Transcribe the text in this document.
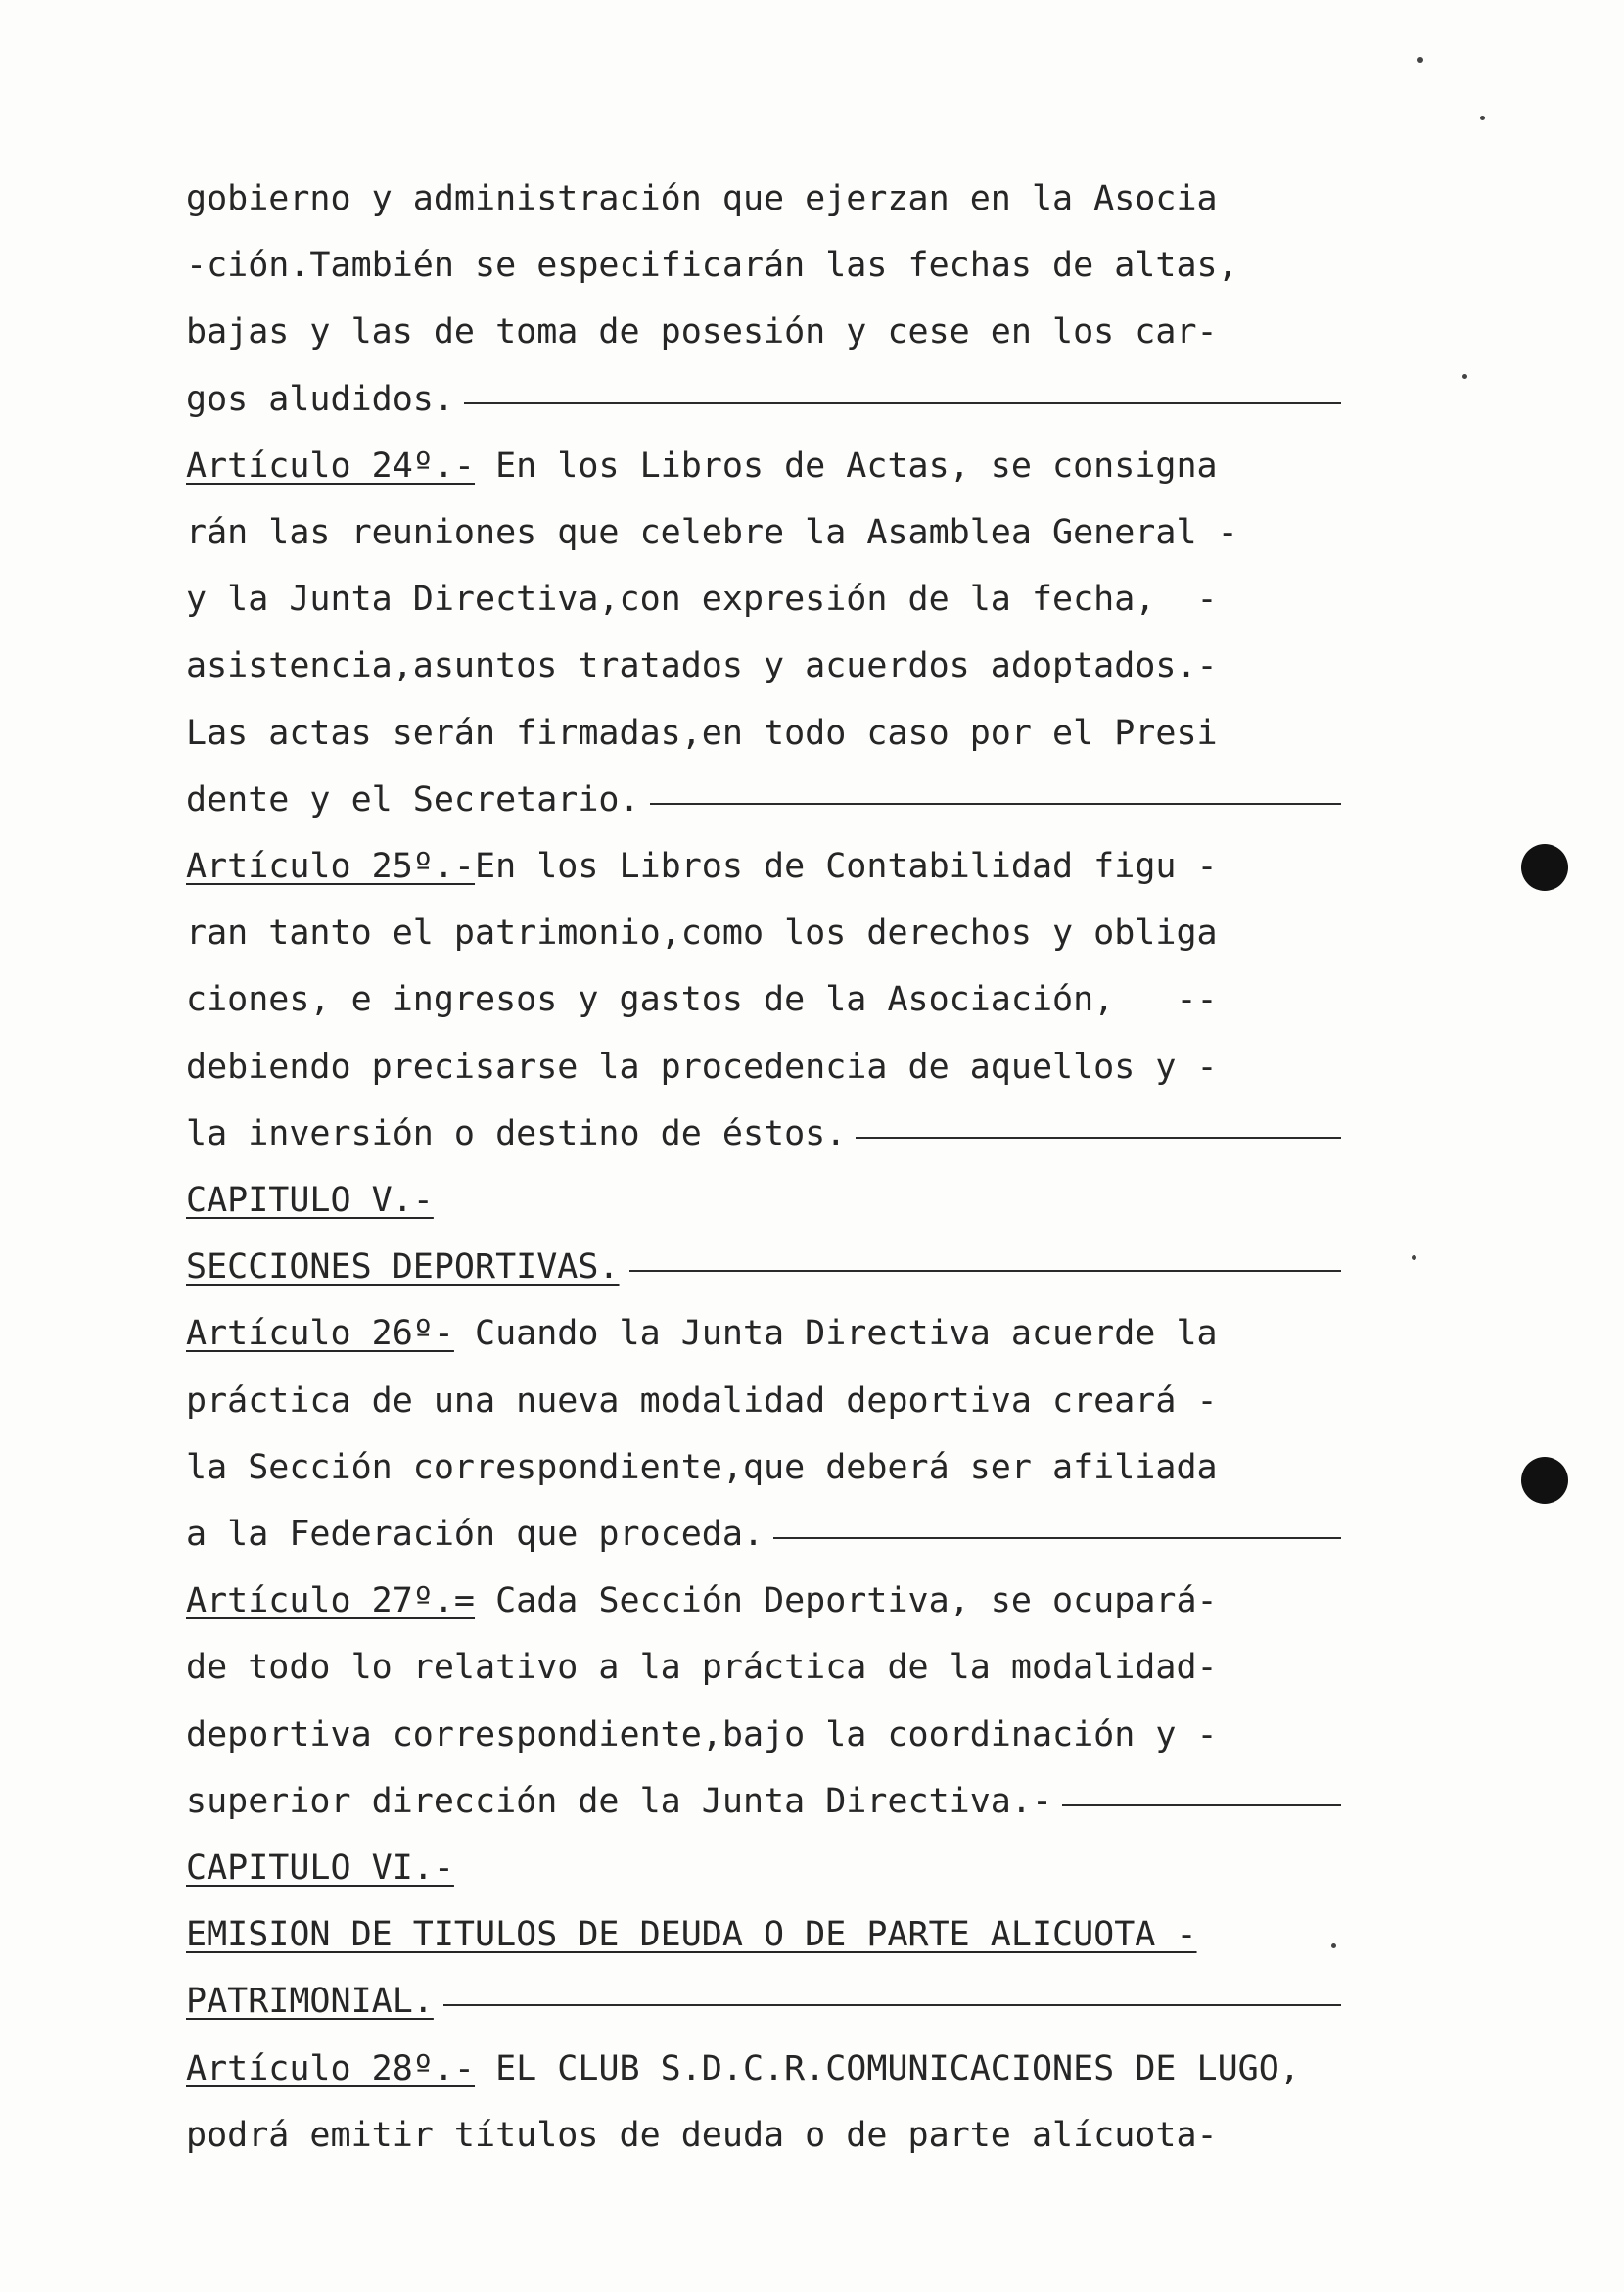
gobierno y administración que ejerzan en la Asocia
-ción.También se especificarán las fechas de altas,
bajas y las de toma de posesión y cese en los car-
gos aludidos.
Artículo 24º.- En los Libros de Actas, se consigna
rán las reuniones que celebre la Asamblea General -
y la Junta Directiva,con expresión de la fecha,  -
asistencia,asuntos tratados y acuerdos adoptados.-
Las actas serán firmadas,en todo caso por el Presi
dente y el Secretario.
Artículo 25º.- En los Libros de Contabilidad figu -
ran tanto el patrimonio,como los derechos y obliga
ciones, e ingresos y gastos de la Asociación,   --
debiendo precisarse la procedencia de aquellos y -
la inversión o destino de éstos.
CAPITULO V.-
SECCIONES DEPORTIVAS.
Artículo 26º- Cuando la Junta Directiva acuerde la
práctica de una nueva modalidad deportiva creará -
la Sección correspondiente,que deberá ser afiliada
a la Federación que proceda.
Artículo 27º.= Cada Sección Deportiva, se ocupará-
de todo lo relativo a la práctica de la modalidad-
deportiva correspondiente,bajo la coordinación y -
superior dirección de la Junta Directiva.-
CAPITULO VI.-
EMISION DE TITULOS DE DEUDA O DE PARTE ALICUOTA -
PATRIMONIAL.
Artículo 28º.- EL CLUB S.D.C.R.COMUNICACIONES DE LUGO,
podrá emitir títulos de deuda o de parte alícuota-
